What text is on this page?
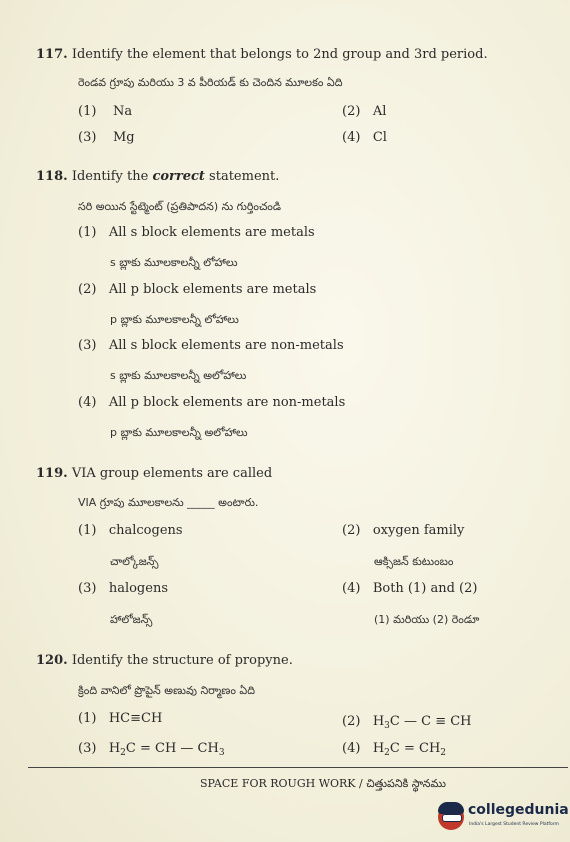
117. Identify the element that belongs to 2nd group and 3rd period.
రెండవ గ్రూపు మరియు 3 వ పీరియడ్ కు చెందిన మూలకం ఏది
(1) Na	(2) Al
(3) Mg	(4) Cl
118. Identify the correct statement.
సరి అయిన స్టేట్మెంట్ (ప్రతిపాదన) ను గుర్తించండి
(1) All s block elements are metals
s బ్లాకు మూలకాలన్నీ లోహాలు
(2) All p block elements are metals
p బ్లాకు మూలకాలన్నీ లోహాలు
(3) All s block elements are non-metals
s బ్లాకు మూలకాలన్నీ అలోహాలు
(4) All p block elements are non-metals
p బ్లాకు మూలకాలన్నీ అలోహాలు
119. VIA group elements are called
VIA గ్రూపు మూలకాలను _____ అంటారు.
(1) chalcogens
చాల్కోజన్స్
(2) oxygen family
ఆక్సిజన్ కుటుంబం
(3) halogens
హాలోజన్స్
(4) Both (1) and (2)
(1) మరియు (2) రెండూ
120. Identify the structure of propyne.
క్రింది వానిలో ప్రొపైన్ అణువు నిర్మాణం ఏది
(1) HC≡CH	(2) $H_3C$ — C ≡ CH
(3) $H_2C$ = CH — $CH_3$	(4) $H_2C = CH_2$
SPACE FOR ROUGH WORK / చిత్తుపనికి స్థానము
collegedunia
India's Largest Student Review Platform
